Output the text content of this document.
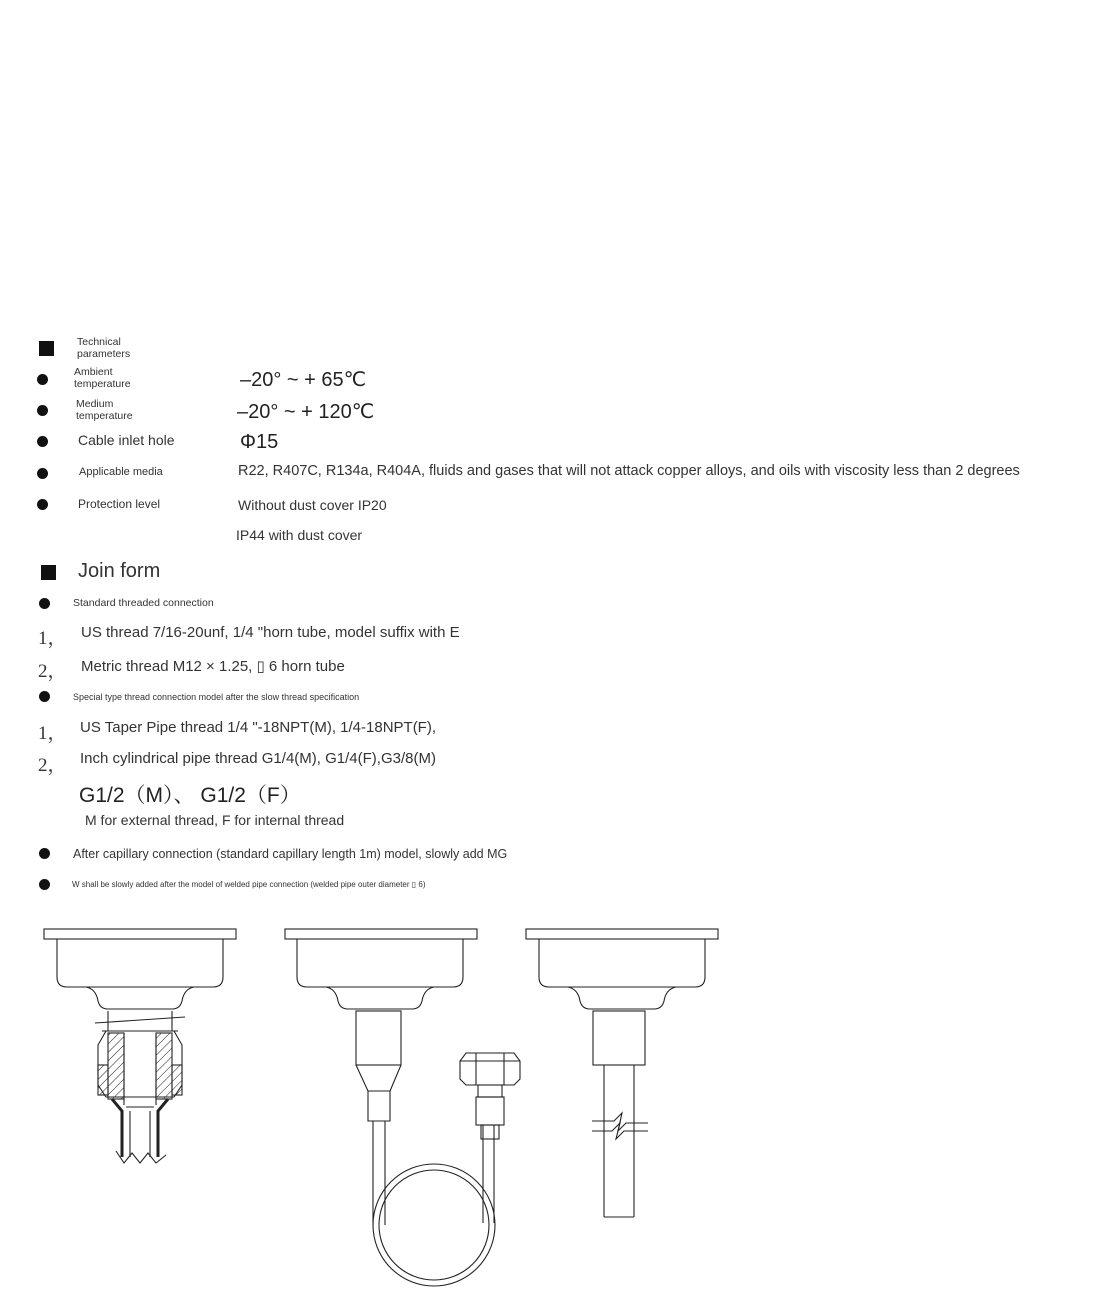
Technical parameters
Ambient temperature	–20° ~ + 65℃
Medium temperature	–20° ~ + 120℃
Cable inlet hole	Φ15
Applicable media	R22, R407C, R134a, R404A, fluids and gases that will not attack copper alloys, and oils with viscosity less than 2 degrees
Protection level	Without dust cover IP20
IP44 with dust cover
Join form
Standard threaded connection
1， US thread 7/16-20unf, 1/4 "horn tube, model suffix with E
2， Metric thread M12 × 1.25, ▯ 6 horn tube
Special type thread connection model after the slow thread specification
1， US Taper Pipe thread 1/4 "-18NPT(M), 1/4-18NPT(F),
2， Inch cylindrical pipe thread G1/4(M), G1/4(F),G3/8(M)
G1/2（M）、 G1/2（F）
M for external thread, F for internal thread
After capillary connection (standard capillary length 1m) model, slowly add MG
W shall be slowly added after the model of welded pipe connection (welded pipe outer diameter ▯ 6)
